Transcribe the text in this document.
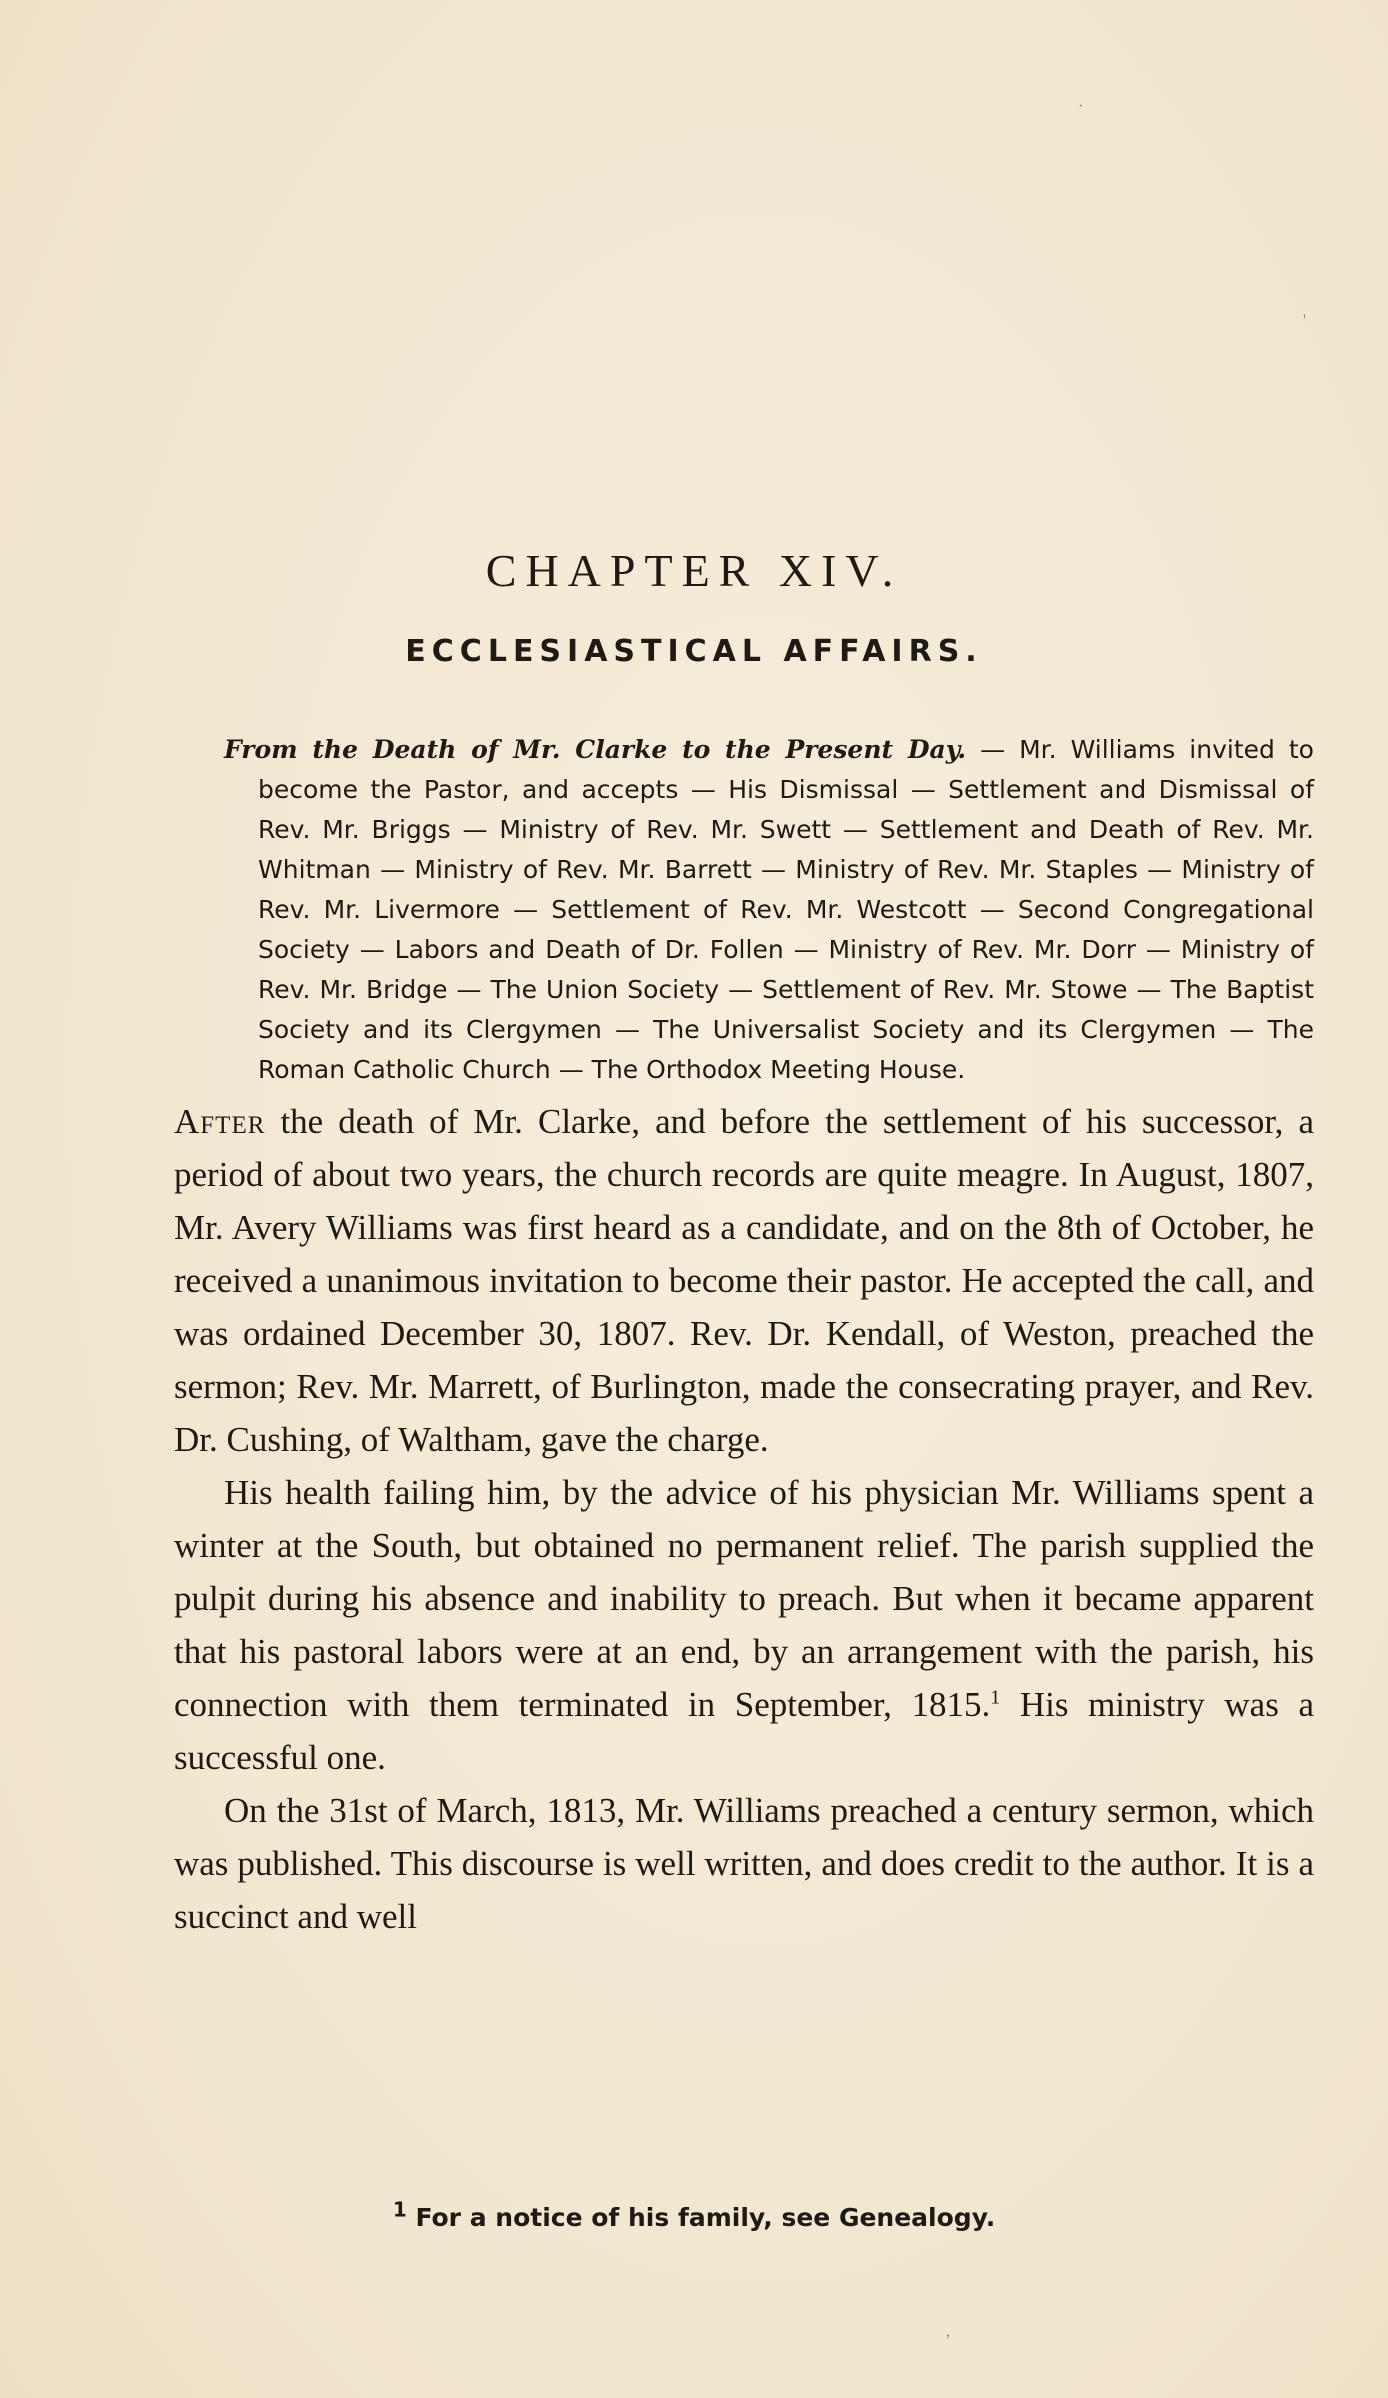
·
'
,
CHAPTER XIV.
ECCLESIASTICAL AFFAIRS.

From the Death of Mr. Clarke to the Present Day. — Mr. Williams invited to become the Pastor, and accepts — His Dismissal — Settlement and Dismissal of Rev. Mr. Briggs — Ministry of Rev. Mr. Swett — Settlement and Death of Rev. Mr. Whitman — Ministry of Rev. Mr. Barrett — Ministry of Rev. Mr. Staples — Ministry of Rev. Mr. Livermore — Settlement of Rev. Mr. Westcott — Second Congregational Society — Labors and Death of Dr. Follen — Ministry of Rev. Mr. Dorr — Ministry of Rev. Mr. Bridge — The Union Society — Settlement of Rev. Mr. Stowe — The Baptist Society and its Clergymen — The Universalist Society and its Clergymen — The Roman Catholic Church — The Orthodox Meeting House.

After the death of Mr. Clarke, and before the settlement of his successor, a period of about two years, the church records are quite meagre. In August, 1807, Mr. Avery Williams was first heard as a candidate, and on the 8th of October, he received a unanimous invitation to become their pastor. He accepted the call, and was ordained December 30, 1807. Rev. Dr. Kendall, of Weston, preached the sermon; Rev. Mr. Marrett, of Burlington, made the consecrating prayer, and Rev. Dr. Cushing, of Waltham, gave the charge.

His health failing him, by the advice of his physician Mr. Williams spent a winter at the South, but obtained no permanent relief. The parish supplied the pulpit during his absence and inability to preach. But when it became apparent that his pastoral labors were at an end, by an arrangement with the parish, his connection with them terminated in September, 1815.$^1$ His ministry was a successful one.

On the 31st of March, 1813, Mr. Williams preached a century sermon, which was published. This discourse is well written, and does credit to the author. It is a succinct and well

$^1$ For a notice of his family, see Genealogy.
